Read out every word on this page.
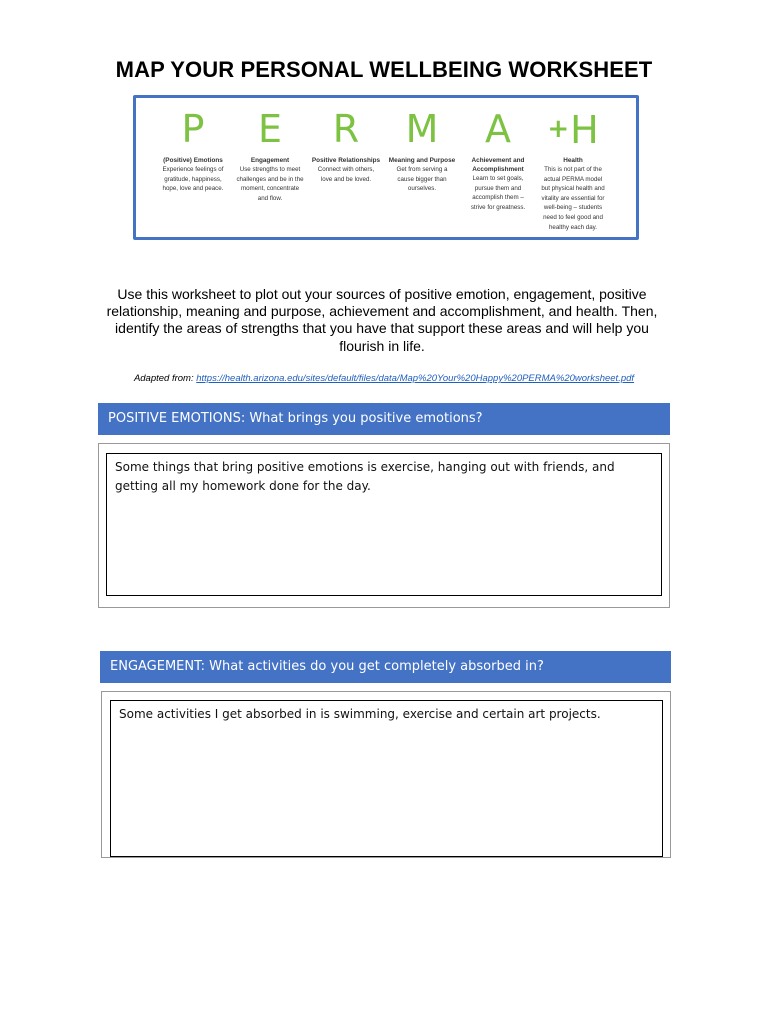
MAP YOUR PERSONAL WELLBEING WORKSHEET
P
(Positive) Emotions
Experience feelings of gratitude, happiness, hope, love and peace.
E
Engagement
Use strengths to meet challenges and be in the moment, concentrate and flow.
R
Positive Relationships
Connect with others, love and be loved.
M
Meaning and Purpose
Get from serving a cause bigger than ourselves.
A
Achievement and Accomplishment
Learn to set goals, pursue them and accomplish them – strive for greatness.
+H
Health
This is not part of the actual PERMA model but physical health and vitality are essential for well-being – students need to feel good and healthy each day.
Use this worksheet to plot out your sources of positive emotion, engagement, positive relationship, meaning and purpose, achievement and accomplishment, and health. Then, identify the areas of strengths that you have that support these areas and will help you flourish in life.
Adapted from: https://health.arizona.edu/sites/default/files/data/Map%20Your%20Happy%20PERMA%20worksheet.pdf
POSITIVE EMOTIONS: What brings you positive emotions?
Some things that bring positive emotions is exercise, hanging out with friends, and getting all my homework done for the day.
ENGAGEMENT: What activities do you get completely absorbed in?
Some activities I get absorbed in is swimming, exercise and certain art projects.
